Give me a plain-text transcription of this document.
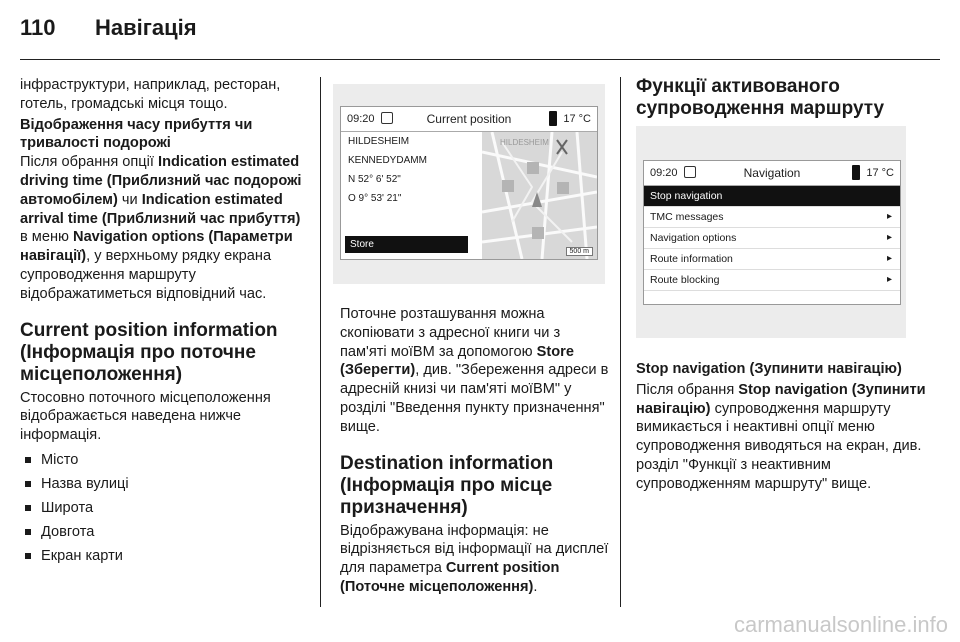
110	Навігація

інфраструктури, наприклад, ресторан, готель, громадські місця тощо.

Відображення часу прибуття чи тривалості подорожі
Після обрання опції Indication estimated driving time (Приблизний час подорожі автомобілем) чи Indication estimated arrival time (Приблизний час прибуття) в меню Navigation options (Параметри навігації), у верхньому рядку екрана супроводження маршруту відображатиметься відповідний час.

Current position information (Інформація про поточне місцеположення)

Стосовно поточного місцеположення відображається наведена нижче інформація.

Місто
Назва вулиці
Широта
Довгота
Екран карти
09:20	Current position	17 °C
HILDESHEIM
KENNEDYDAMM
N 52° 6' 52"
O 9° 53' 21"
Store
HILDESHEIM
500 m

Поточне розташування можна скопіювати з адресної книги чи з пам'яті моїВМ за допомогою Store (Зберегти), див. "Збереження адреси в адресній книзі чи пам'яті моїВМ" у розділі "Введення пункту призначення" вище.

Destination information (Інформація про місце призначення)

Відображувана інформація: не відрізняється від інформації на дисплеї для параметра Current position (Поточне місцеположення).

Функції активованого супроводження маршруту
09:20	Navigation	17 °C
Stop navigation
TMC messages	▸
Navigation options	▸
Route information	▸
Route blocking	▸

Stop navigation (Зупинити навігацію)

Після обрання Stop navigation (Зупинити навігацію) супроводження маршруту вимикається і неактивні опції меню супроводження виводяться на екран, див. розділ "Функції з неактивним супроводженням маршруту" вище.

carmanualsonline.info
